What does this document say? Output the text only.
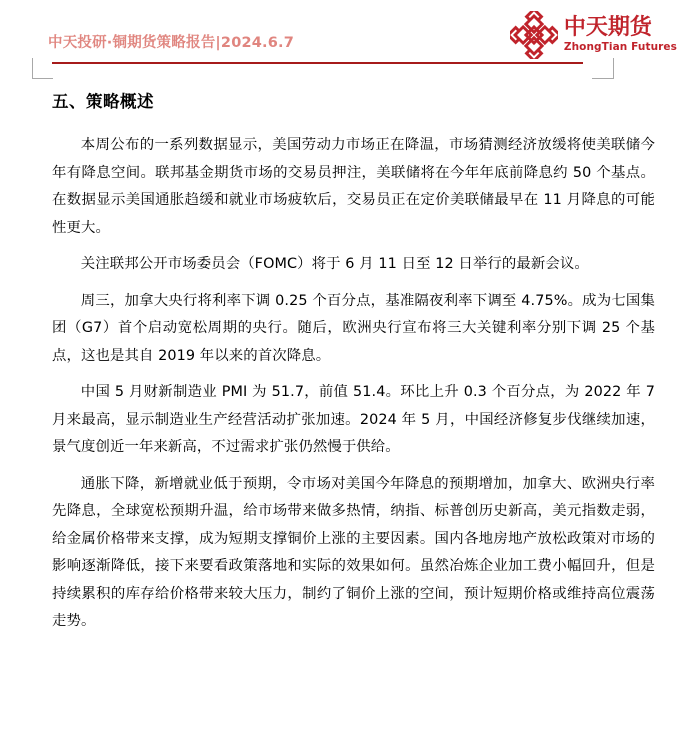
中天投研·铜期货策略报告|2024.6.7
中天期货
ZhongTian Futures
五、策略概述

本周公布的一系列数据显示，美国劳动力市场正在降温，市场猜测经济放缓将使美联储今年有降息空间。联邦基金期货市场的交易员押注，美联储将在今年年底前降息约 50 个基点。在数据显示美国通胀趋缓和就业市场疲软后，交易员正在定价美联储最早在 11 月降息的可能性更大。

关注联邦公开市场委员会（FOMC）将于 6 月 11 日至 12 日举行的最新会议。

周三，加拿大央行将利率下调 0.25 个百分点，基准隔夜利率下调至 4.75%。成为七国集团（G7）首个启动宽松周期的央行。随后，欧洲央行宣布将三大关键利率分别下调 25 个基点，这也是其自 2019 年以来的首次降息。

中国 5 月财新制造业 PMI 为 51.7，前值 51.4。环比上升 0.3 个百分点，为 2022 年 7 月来最高，显示制造业生产经营活动扩张加速。2024 年 5 月，中国经济修复步伐继续加速，景气度创近一年来新高，不过需求扩张仍然慢于供给。

通胀下降，新增就业低于预期，令市场对美国今年降息的预期增加，加拿大、欧洲央行率先降息，全球宽松预期升温，给市场带来做多热情，纳指、标普创历史新高，美元指数走弱，给金属价格带来支撑，成为短期支撑铜价上涨的主要因素。国内各地房地产放松政策对市场的影响逐渐降低，接下来要看政策落地和实际的效果如何。虽然冶炼企业加工费小幅回升，但是持续累积的库存给价格带来较大压力，制约了铜价上涨的空间，预计短期价格或维持高位震荡走势。
